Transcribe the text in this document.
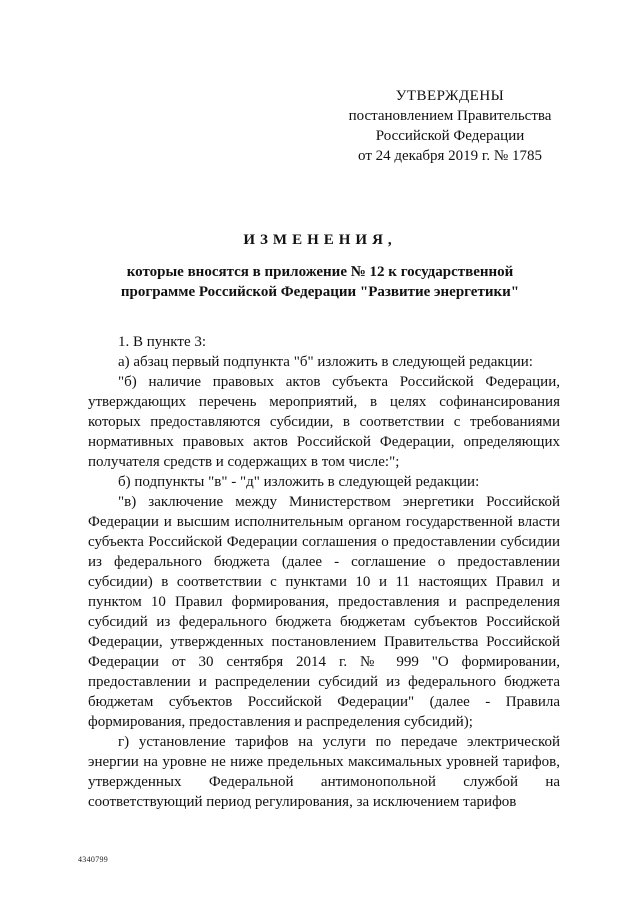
УТВЕРЖДЕНЫ
постановлением Правительства
Российской Федерации
от 24 декабря 2019 г. № 1785
ИЗМЕНЕНИЯ,
которые вносятся в приложение № 12 к государственной программе Российской Федерации "Развитие энергетики"

1. В пункте 3:

а) абзац первый подпункта "б" изложить в следующей редакции:

"б) наличие правовых актов субъекта Российской Федерации, утверждающих перечень мероприятий, в целях софинансирования которых предоставляются субсидии, в соответствии с требованиями нормативных правовых актов Российской Федерации, определяющих получателя средств и содержащих в том числе:";

б) подпункты "в" - "д" изложить в следующей редакции:

"в) заключение между Министерством энергетики Российской Федерации и высшим исполнительным органом государственной власти субъекта Российской Федерации соглашения о предоставлении субсидии из федерального бюджета (далее - соглашение о предоставлении субсидии) в соответствии с пунктами 10 и 11 настоящих Правил и пунктом 10 Правил формирования, предоставления и распределения субсидий из федерального бюджета бюджетам субъектов Российской Федерации, утвержденных постановлением Правительства Российской Федерации от 30 сентября 2014 г. № 999 "О формировании, предоставлении и распределении субсидий из федерального бюджета бюджетам субъектов Российской Федерации" (далее - Правила формирования, предоставления и распределения субсидий);

г) установление тарифов на услуги по передаче электрической энергии на уровне не ниже предельных максимальных уровней тарифов, утвержденных Федеральной антимонопольной службой на соответствующий период регулирования, за исключением тарифов

4340799
